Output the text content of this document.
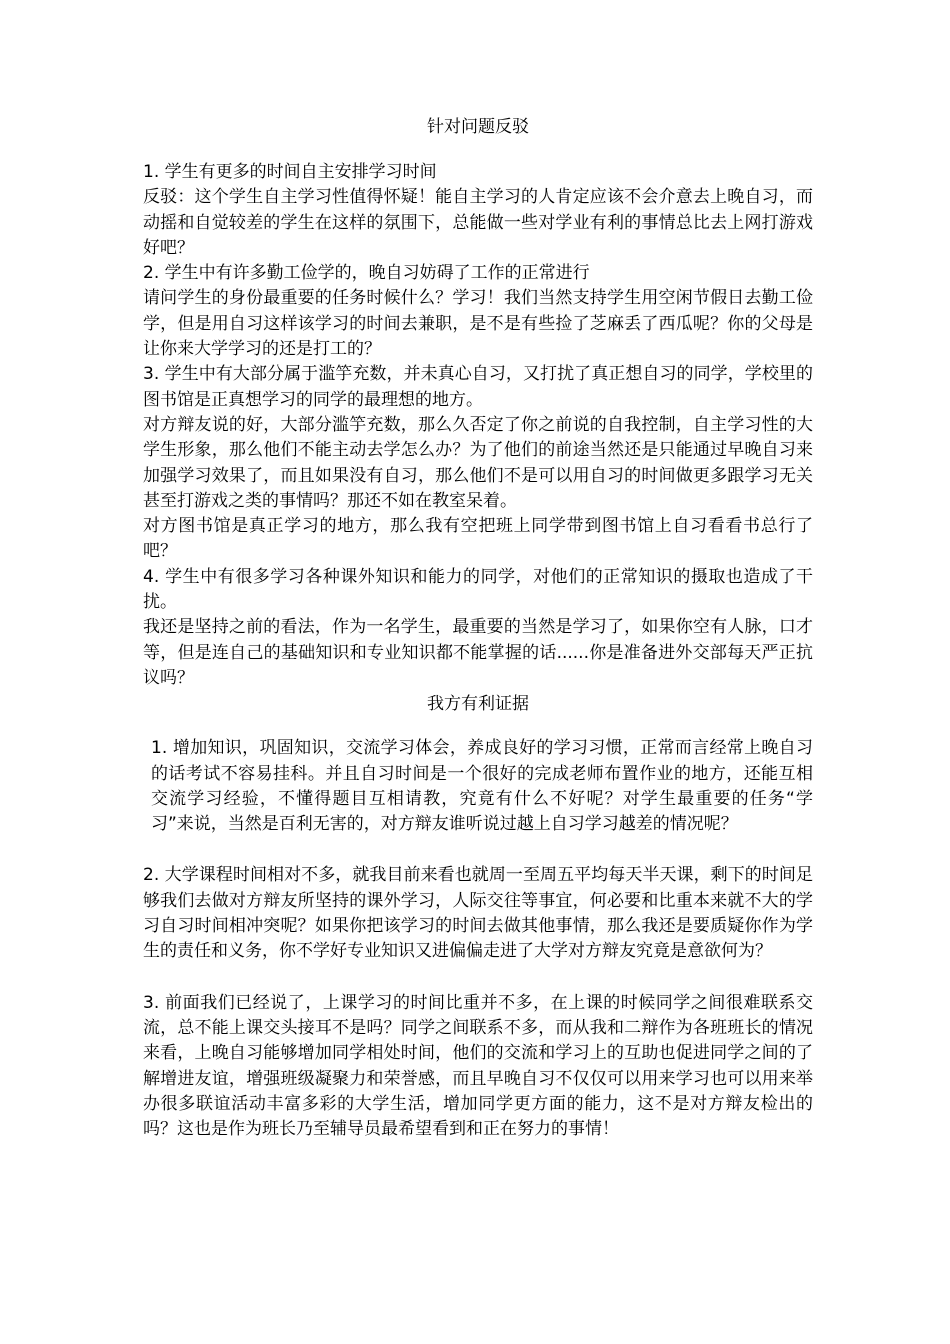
针对问题反驳

1. 学生有更多的时间自主安排学习时间

反驳：这个学生自主学习性值得怀疑！能自主学习的人肯定应该不会介意去上晚自习，而动摇和自觉较差的学生在这样的氛围下，总能做一些对学业有利的事情总比去上网打游戏好吧？

2. 学生中有许多勤工俭学的，晚自习妨碍了工作的正常进行

请问学生的身份最重要的任务时候什么？学习！我们当然支持学生用空闲节假日去勤工俭学，但是用自习这样该学习的时间去兼职，是不是有些捡了芝麻丢了西瓜呢？你的父母是让你来大学学习的还是打工的？

3. 学生中有大部分属于滥竽充数，并未真心自习，又打扰了真正想自习的同学，学校里的图书馆是正真想学习的同学的最理想的地方。

对方辩友说的好，大部分滥竽充数，那么久否定了你之前说的自我控制，自主学习性的大学生形象，那么他们不能主动去学怎么办？为了他们的前途当然还是只能通过早晚自习来加强学习效果了，而且如果没有自习，那么他们不是可以用自习的时间做更多跟学习无关甚至打游戏之类的事情吗？那还不如在教室呆着。

对方图书馆是真正学习的地方，那么我有空把班上同学带到图书馆上自习看看书总行了吧？

4. 学生中有很多学习各种课外知识和能力的同学，对他们的正常知识的摄取也造成了干扰。

我还是坚持之前的看法，作为一名学生，最重要的当然是学习了，如果你空有人脉，口才等，但是连自己的基础知识和专业知识都不能掌握的话......你是准备进外交部每天严正抗议吗？

我方有利证据

1. 增加知识，巩固知识，交流学习体会，养成良好的学习习惯，正常而言经常上晚自习的话考试不容易挂科。并且自习时间是一个很好的完成老师布置作业的地方，还能互相交流学习经验，不懂得题目互相请教，究竟有什么不好呢？对学生最重要的任务“学习”来说，当然是百利无害的，对方辩友谁听说过越上自习学习越差的情况呢？

2. 大学课程时间相对不多，就我目前来看也就周一至周五平均每天半天课，剩下的时间足够我们去做对方辩友所坚持的课外学习，人际交往等事宜，何必要和比重本来就不大的学习自习时间相冲突呢？如果你把该学习的时间去做其他事情，那么我还是要质疑你作为学生的责任和义务，你不学好专业知识又进偏偏走进了大学对方辩友究竟是意欲何为？

3. 前面我们已经说了，上课学习的时间比重并不多，在上课的时候同学之间很难联系交流，总不能上课交头接耳不是吗？同学之间联系不多，而从我和二辩作为各班班长的情况来看，上晚自习能够增加同学相处时间，他们的交流和学习上的互助也促进同学之间的了解增进友谊，增强班级凝聚力和荣誉感，而且早晚自习不仅仅可以用来学习也可以用来举办很多联谊活动丰富多彩的大学生活，增加同学更方面的能力，这不是对方辩友检出的吗？这也是作为班长乃至辅导员最希望看到和正在努力的事情！
